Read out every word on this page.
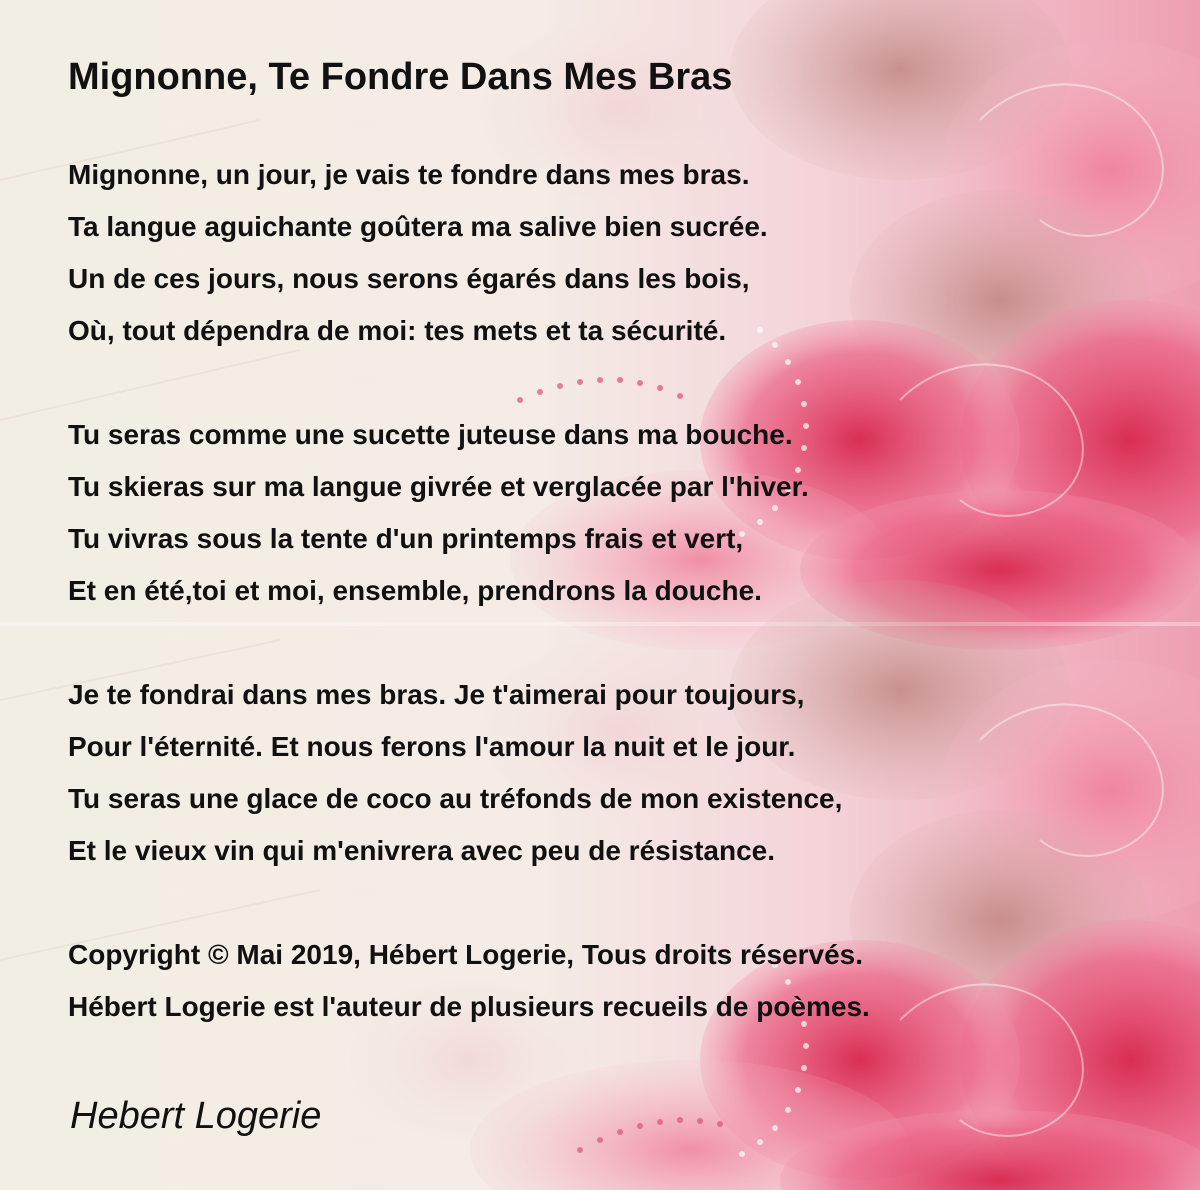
Mignonne, Te Fondre Dans Mes Bras

Mignonne, un jour, je vais te fondre dans mes bras.

Ta langue aguichante goûtera ma salive bien sucrée.

Un de ces jours, nous serons égarés dans les bois,

Où, tout dépendra de moi: tes mets et ta sécurité.

Tu seras comme une sucette juteuse dans ma bouche.

Tu skieras sur ma langue givrée et verglacée par l'hiver.

Tu vivras sous la tente d'un printemps frais et vert,

Et en été,toi et moi, ensemble, prendrons la douche.

Je te fondrai dans mes bras. Je t'aimerai pour toujours,

Pour l'éternité. Et nous ferons l'amour la nuit et le jour.

Tu seras une glace de coco au tréfonds de mon existence,

Et le vieux vin qui m'enivrera avec peu de résistance.

Copyright © Mai 2019, Hébert Logerie, Tous droits réservés.

Hébert Logerie est l'auteur de plusieurs recueils de poèmes.

Hebert Logerie
